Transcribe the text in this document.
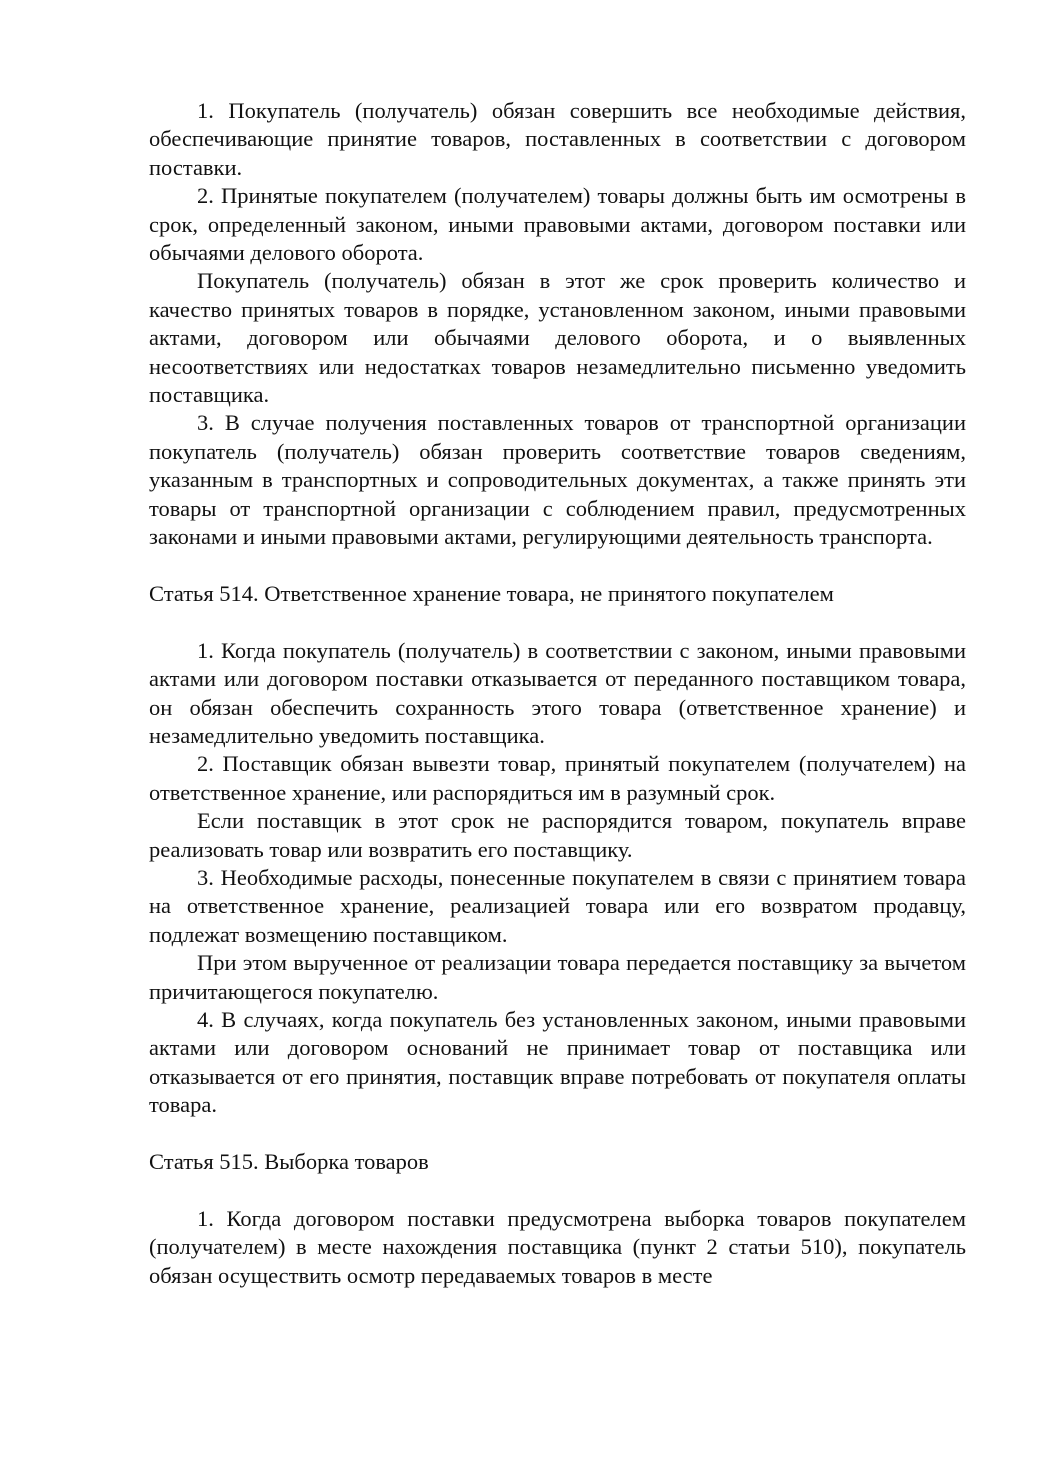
1. Покупатель (получатель) обязан совершить все необходимые действия, обеспечивающие принятие товаров, поставленных в соответствии с договором поставки.

2. Принятые покупателем (получателем) товары должны быть им осмотрены в срок, определенный законом, иными правовыми актами, договором поставки или обычаями делового оборота.

Покупатель (получатель) обязан в этот же срок проверить количество и качество принятых товаров в порядке, установленном законом, иными правовыми актами, договором или обычаями делового оборота, и о выявленных несоответствиях или недостатках товаров незамедлительно письменно уведомить поставщика.

3. В случае получения поставленных товаров от транспортной организации покупатель (получатель) обязан проверить соответствие товаров сведениям, указанным в транспортных и сопроводительных документах, а также принять эти товары от транспортной организации с соблюдением правил, предусмотренных законами и иными правовыми актами, регулирующими деятельность транспорта.

Статья 514. Ответственное хранение товара, не принятого покупателем

1. Когда покупатель (получатель) в соответствии с законом, иными правовыми актами или договором поставки отказывается от переданного поставщиком товара, он обязан обеспечить сохранность этого товара (ответственное хранение) и незамедлительно уведомить поставщика.

2. Поставщик обязан вывезти товар, принятый покупателем (получателем) на ответственное хранение, или распорядиться им в разумный срок.

Если поставщик в этот срок не распорядится товаром, покупатель вправе реализовать товар или возвратить его поставщику.

3. Необходимые расходы, понесенные покупателем в связи с принятием товара на ответственное хранение, реализацией товара или его возвратом продавцу, подлежат возмещению поставщиком.

При этом вырученное от реализации товара передается поставщику за вычетом причитающегося покупателю.

4. В случаях, когда покупатель без установленных законом, иными правовыми актами или договором оснований не принимает товар от поставщика или отказывается от его принятия, поставщик вправе потребовать от покупателя оплаты товара.

Статья 515. Выборка товаров

1. Когда договором поставки предусмотрена выборка товаров покупателем (получателем) в месте нахождения поставщика (пункт 2 статьи 510), покупатель обязан осуществить осмотр передаваемых товаров в месте
